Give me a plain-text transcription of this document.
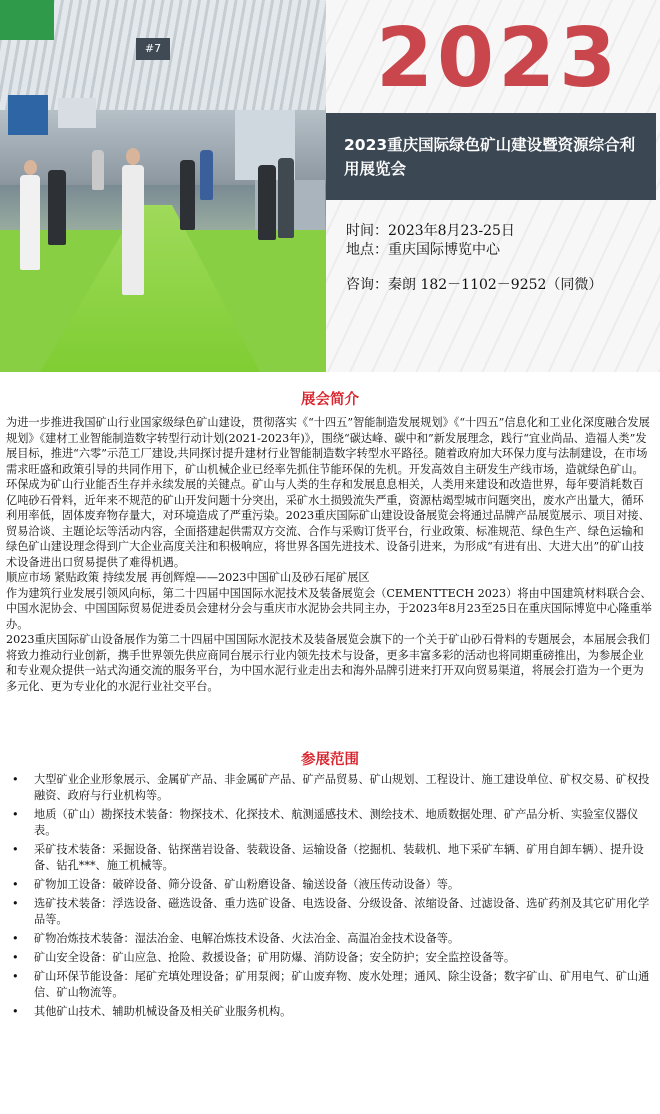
#7	2023
2023重庆国际绿色矿山建设暨资源综合利用展览会
时间：2023年8月23-25日
地点：重庆国际博览中心
咨询：秦朗 182－1102－9252（同微）
展会简介

为进一步推进我国矿山行业国家级绿色矿山建设，贯彻落实《“十四五”智能制造发展规划》《“十四五”信息化和工业化深度融合发展规划》《建材工业智能制造数字转型行动计划(2021-2023年)》，围绕“碳达峰、碳中和”新发展理念，践行“宜业尚品、造福人类”发展目标，推进“六零”示范工厂建设,共同探讨提升建材行业智能制造数字转型水平路径。随着政府加大环保力度与法制建设，在市场需求旺盛和政策引导的共同作用下，矿山机械企业已经率先抓住节能环保的先机。开发高效自主研发生产线市场，造就绿色矿山。环保成为矿山行业能否生存并永续发展的关键点。矿山与人类的生存和发展息息相关，人类用来建设和改造世界，每年要消耗数百亿吨砂石骨料，近年来不规范的矿山开发问题十分突出，采矿水土损毁流失严重，资源枯竭型城市问题突出，废水产出量大，循环利用率低，固体废弃物存量大，对环境造成了严重污染。2023重庆国际矿山建设设备展览会将通过品牌产品展览展示、项目对接、贸易洽谈、主题论坛等活动内容，全面搭建起供需双方交流、合作与采购订货平台，行业政策、标准规范、绿色生产、绿色运输和绿色矿山建设理念得到广大企业高度关注和积极响应，将世界各国先进技术、设备引进来，为形成“有进有出、大进大出”的矿山技术设备进出口贸易提供了难得机遇。

顺应市场 紧贴政策 持续发展 再创辉煌——2023中国矿山及砂石尾矿展区

作为建筑行业发展引领风向标，第二十四届中国国际水泥技术及装备展览会（CEMENTTECH 2023）将由中国建筑材料联合会、中国水泥协会、中国国际贸易促进委员会建材分会与重庆市水泥协会共同主办，于2023年8月23至25日在重庆国际博览中心隆重举办。

2023重庆国际矿山设备展作为第二十四届中国国际水泥技术及装备展览会旗下的一个关于矿山砂石骨料的专题展会，本届展会我们将致力推动行业创新，携手世界领先供应商同台展示行业内领先技术与设备，更多丰富多彩的活动也将同期重磅推出，为参展企业和专业观众提供一站式沟通交流的服务平台，为中国水泥行业走出去和海外品牌引进来打开双向贸易渠道，将展会打造为一个更为多元化、更为专业化的水泥行业社交平台。

参展范围
• 大型矿业企业形象展示、金属矿产品、非金属矿产品、矿产品贸易、矿山规划、工程设计、施工建设单位、矿权交易、矿权投融资、政府与行业机构等。
• 地质（矿山）勘探技术装备：物探技术、化探技术、航测遥感技术、测绘技术、地质数据处理、矿产品分析、实验室仪器仪表。
• 采矿技术装备：采掘设备、钻探凿岩设备、装载设备、运输设备（挖掘机、装载机、地下采矿车辆、矿用自卸车辆）、提升设备、钻孔***、施工机械等。
• 矿物加工设备：破碎设备、筛分设备、矿山粉磨设备、输送设备（液压传动设备）等。
• 选矿技术装备：浮选设备、磁选设备、重力选矿设备、电选设备、分级设备、浓缩设备、过滤设备、选矿药剂及其它矿用化学品等。
• 矿物冶炼技术装备：湿法冶金、电解冶炼技术设备、火法冶金、高温冶金技术设备等。
• 矿山安全设备：矿山应急、抢险、救援设备；矿用防爆、消防设备；安全防护；安全监控设备等。
• 矿山环保节能设备：尾矿充填处理设备；矿用泵阀；矿山废弃物、废水处理；通风、除尘设备；数字矿山、矿用电气、矿山通信、矿山物流等。
• 其他矿山技术、辅助机械设备及相关矿业服务机构。
